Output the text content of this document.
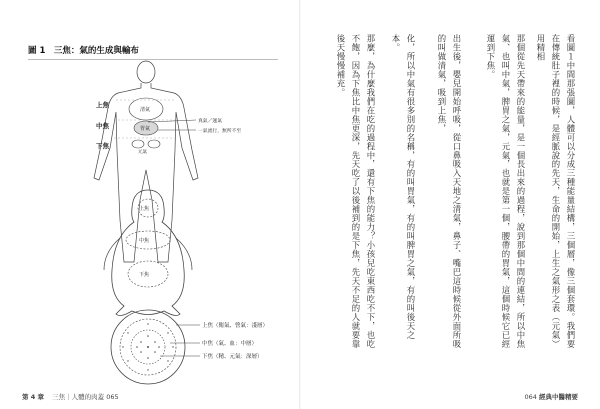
圖 1　三焦：氣的生成與輸布
上焦
中焦
下焦
清氣
胃氣
元氣
真氣／運氣
一氣流行，無所不至
上焦
中焦
下焦
上焦（衛氣、營氣：淺層）
中焦（氣、血：中層）
下焦（精、元氣：深層）
看圖１中間那張圖，人體可以分成三種能量結構，三個層，像三個套環。我們要在傳統肚子裡的時候，是經脈說的先天，生命的開始，上生之氣形之表（元氣）用精相
那個從先天帶來的能量，是一個長出來的過程，說到那個中間的連結，所以中焦氣、也叫中氣，脾胃之氣，元氣，也就是第一個，腰帶的胃氣，這個時候它已經運到下焦。
出生後，嬰兒開始呼吸，從口鼻吸入天地之清氣，鼻子、嘴巴這時候從外面所吸的叫做清氣，吸到上焦，
化，所以中氣有很多別的名稱，有的叫胃氣，有的叫脾胃之氣，有的叫後天之本。
那麼，為什麼我們在吃的過程中，還有下焦的能力？小孩兒吃東西吃不下，也吃不飽，因為下焦比中焦更深，先天吃了以後補到的是下焦，先天不足的人就要靠後天慢慢補充。
第 4 章 三焦｜人體的肉蓋 065	064 經典中醫精要
